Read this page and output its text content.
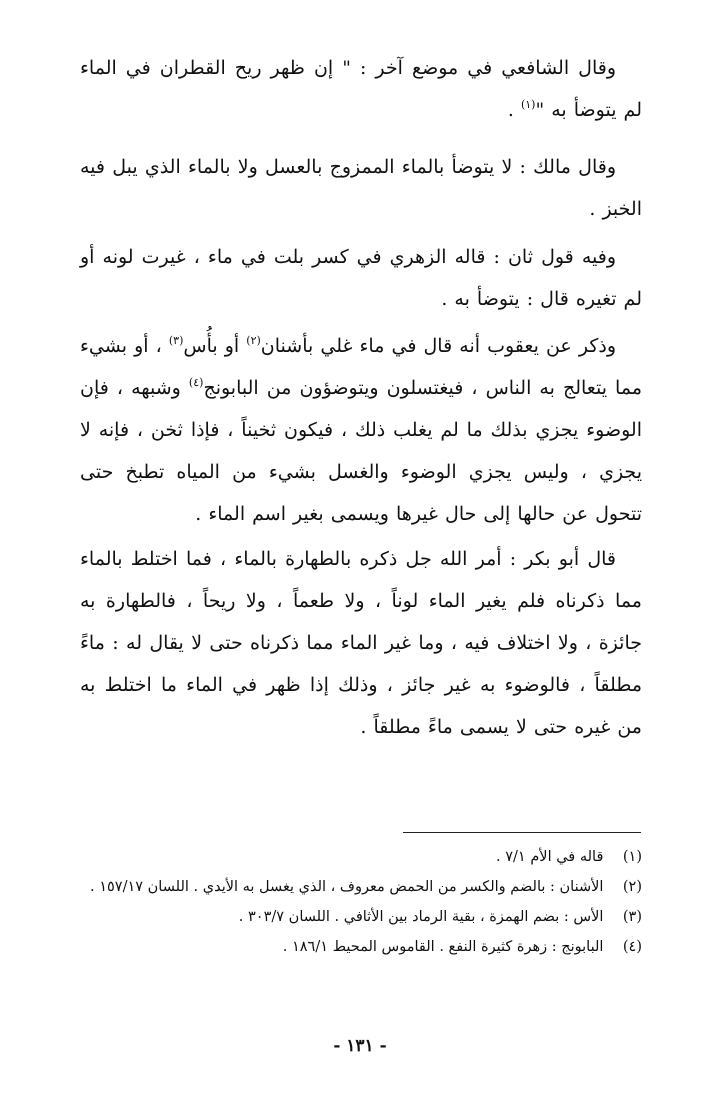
وقال الشافعي في موضع آخر : " إن ظهر ريح القطران في الماء لم يتوضأ به "$^{(١)}$ .

وقال مالك : لا يتوضأ بالماء الممزوج بالعسل ولا بالماء الذي يبل فيه الخبز .

وفيه قول ثان : قاله الزهري في كسر بلت في ماء ، غيرت لونه أو لم تغيره قال : يتوضأ به .

وذكر عن يعقوب أنه قال في ماء غلي بأشنان$^{(٢)}$ أو بأُس$^{(٣)}$ ، أو بشيء مما يتعالج به الناس ، فيغتسلون ويتوضؤون من البابونج$^{(٤)}$ وشبهه ، فإن الوضوء يجزي بذلك ما لم يغلب ذلك ، فيكون ثخيناً ، فإذا ثخن ، فإنه لا يجزي ، وليس يجزي الوضوء والغسل بشيء من المياه تطبخ حتى تتحول عن حالها إلى حال غيرها ويسمى بغير اسم الماء .

قال أبو بكر : أمر الله جل ذكره بالطهارة بالماء ، فما اختلط بالماء مما ذكرناه فلم يغير الماء لوناً ، ولا طعماً ، ولا ريحاً ، فالطهارة به جائزة ، ولا اختلاف فيه ، وما غير الماء مما ذكرناه حتى لا يقال له : ماءً مطلقاً ، فالوضوء به غير جائز ، وذلك إذا ظهر في الماء ما اختلط به من غيره حتى لا يسمى ماءً مطلقاً .

(١) قاله في الأم ٧/١ .
(٢) الأشنان : بالضم والكسر من الحمض معروف ، الذي يغسل به الأيدي . اللسان ١٥٧/١٧ .
(٣) الأس : بضم الهمزة ، بقية الرماد بين الأثافي . اللسان ٣٠٣/٧ .
(٤) البابونج : زهرة كثيرة النفع . القاموس المحيط ١٨٦/١ .
- ١٣١ -
